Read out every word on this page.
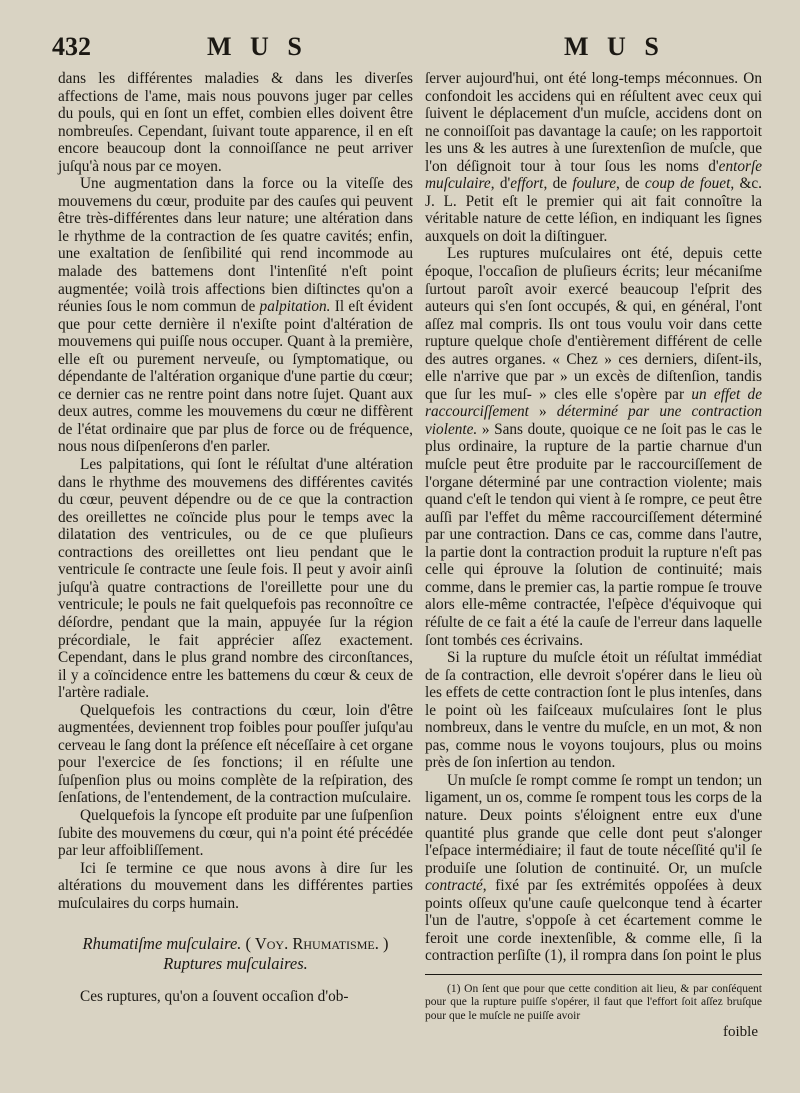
432	M U S	M U S

dans les différentes maladies & dans les diverſes affections de l'ame, mais nous pouvons juger par celles du pouls, qui en ſont un effet, combien elles doivent être nombreuſes. Cependant, ſuivant toute apparence, il en eſt encore beaucoup dont la connoiſſance ne peut arriver juſqu'à nous par ce moyen.

Une augmentation dans la force ou la viteſſe des mouvemens du cœur, produite par des cauſes qui peuvent être très-différentes dans leur nature; une altération dans le rhythme de la contraction de ſes quatre cavités; enfin, une exaltation de ſenſibilité qui rend incommode au malade des battemens dont l'intenſité n'eſt point augmentée; voilà trois affections bien diſtinctes qu'on a réunies ſous le nom commun de palpitation. Il eſt évident que pour cette dernière il n'exiſte point d'altération de mouvemens qui puiſſe nous occuper. Quant à la première, elle eſt ou purement nerveuſe, ou ſymptomatique, ou dépendante de l'altération organique d'une partie du cœur; ce dernier cas ne rentre point dans notre ſujet. Quant aux deux autres, comme les mouvemens du cœur ne diffèrent de l'état ordinaire que par plus de force ou de fréquence, nous nous diſpenſerons d'en parler.

Les palpitations, qui ſont le réſultat d'une altération dans le rhythme des mouvemens des différentes cavités du cœur, peuvent dépendre ou de ce que la contraction des oreillettes ne coïncide plus pour le temps avec la dilatation des ventricules, ou de ce que pluſieurs contractions des oreillettes ont lieu pendant que le ventricule ſe contracte une ſeule fois. Il peut y avoir ainſi juſqu'à quatre contractions de l'oreillette pour une du ventricule; le pouls ne fait quelquefois pas reconnoître ce déſordre, pendant que la main, appuyée ſur la région précordiale, le fait apprécier aſſez exactement. Cependant, dans le plus grand nombre des circonſtances, il y a coïncidence entre les battemens du cœur & ceux de l'artère radiale.

Quelquefois les contractions du cœur, loin d'être augmentées, deviennent trop foibles pour pouſſer juſqu'au cerveau le ſang dont la préſence eſt néceſſaire à cet organe pour l'exercice de ſes fonctions; il en réſulte une ſuſpenſion plus ou moins complète de la reſpiration, des ſenſations, de l'entendement, de la contraction muſculaire.

Quelquefois la ſyncope eſt produite par une ſuſpenſion ſubite des mouvemens du cœur, qui n'a point été précédée par leur affoibliſſement.

Ici ſe termine ce que nous avons à dire ſur les altérations du mouvement dans les différentes parties muſculaires du corps humain.

Rhumatiſme muſculaire. ( Voy. Rhumatisme. )
Ruptures muſculaires.

Ces ruptures, qu'on a ſouvent occaſion d'ob-

ſerver aujourd'hui, ont été long-temps méconnues. On confondoit les accidens qui en réſultent avec ceux qui ſuivent le déplacement d'un muſcle, accidens dont on ne connoiſſoit pas davantage la cauſe; on les rapportoit les uns & les autres à une ſurextenſion de muſcle, que l'on déſignoit tour à tour ſous les noms d'entorſe muſculaire, d'effort, de foulure, de coup de fouet, &c. J. L. Petit eſt le premier qui ait fait connoître la véritable nature de cette léſion, en indiquant les ſignes auxquels on doit la diſtinguer.

Les ruptures muſculaires ont été, depuis cette époque, l'occaſion de pluſieurs écrits; leur mécaniſme ſurtout paroît avoir exercé beaucoup l'eſprit des auteurs qui s'en ſont occupés, & qui, en général, l'ont aſſez mal compris. Ils ont tous voulu voir dans cette rupture quelque choſe d'entièrement différent de celle des autres organes. « Chez » ces derniers, diſent-ils, elle n'arrive que par » un excès de diſtenſion, tandis que ſur les muſ- » cles elle s'opère par un effet de raccourciſſement » déterminé par une contraction violente. » Sans doute, quoique ce ne ſoit pas le cas le plus ordinaire, la rupture de la partie charnue d'un muſcle peut être produite par le raccourciſſement de l'organe déterminé par une contraction violente; mais quand c'eſt le tendon qui vient à ſe rompre, ce peut être auſſi par l'effet du même raccourciſſement déterminé par une contraction. Dans ce cas, comme dans l'autre, la partie dont la contraction produit la rupture n'eſt pas celle qui éprouve la ſolution de continuité; mais comme, dans le premier cas, la partie rompue ſe trouve alors elle-même contractée, l'eſpèce d'équivoque qui réſulte de ce fait a été la cauſe de l'erreur dans laquelle ſont tombés ces écrivains.

Si la rupture du muſcle étoit un réſultat immédiat de ſa contraction, elle devroit s'opérer dans le lieu où les effets de cette contraction ſont le plus intenſes, dans le point où les faiſceaux muſculaires ſont le plus nombreux, dans le ventre du muſcle, en un mot, & non pas, comme nous le voyons toujours, plus ou moins près de ſon inſertion au tendon.

Un muſcle ſe rompt comme ſe rompt un tendon; un ligament, un os, comme ſe rompent tous les corps de la nature. Deux points s'éloignent entre eux d'une quantité plus grande que celle dont peut s'alonger l'eſpace intermédiaire; il faut de toute néceſſité qu'il ſe produiſe une ſolution de continuité. Or, un muſcle contracté, fixé par ſes extrémités oppoſées à deux points oſſeux qu'une cauſe quelconque tend à écarter l'un de l'autre, s'oppoſe à cet écartement comme le feroit une corde inextenſible, & comme elle, ſi la contraction perſiſte (1), il rompra dans ſon point le plus

(1) On ſent que pour que cette condition ait lieu, & par conſéquent pour que la rupture puiſſe s'opérer, il faut que l'effort ſoit aſſez bruſque pour que le muſcle ne puiſſe avoir

foible
